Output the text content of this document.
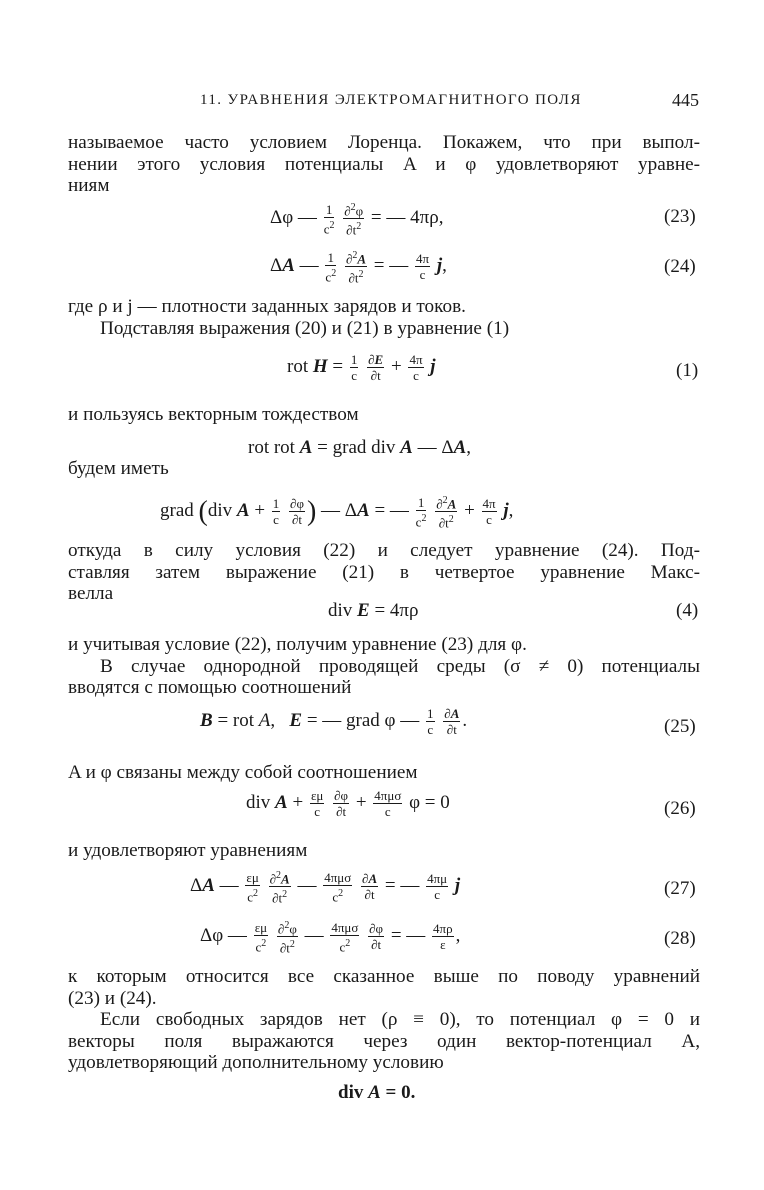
11. УРАВНЕНИЯ ЭЛЕКТРОМАГНИТНОГО ПОЛЯ	445
называемое часто условием Лоренца. Покажем, что при выпол-
нении этого условия потенциалы A и φ удовлетворяют уравне-
ниям
Δφ — $\frac{1}{c^2}$
$\frac{\partial^2\varphi}{\partial t^2}$ = — 4πρ,	(23)
ΔA — $\frac{1}{c^2}$
$\frac{\partial^2A}{\partial t^2}$ = — $\frac{4\pi}{c} j$,	(24)
где ρ и j — плотности заданных зарядов и токов.
Подставляя выражения (20) и (21) в уравнение (1)
rot $H = \frac{1}{c}$
$\frac{\partial E}{\partial t} + \frac{4\pi}{c}$ j	(1)
и пользуясь векторным тождеством
rot rot A = grad div A — ΔA,
будем иметь
grad (div $A + \frac{1}{c}$
$\frac{\partial\varphi}{\partial t}$ ) — ΔA = — $\frac{1}{c^2}$
$\frac{\partial^2A}{\partial t^2} + \frac{4\pi}{c} j$,
откуда в силу условия (22) и следует уравнение (24). Под-
ставляя затем выражение (21) в четвертое уравнение Макс-
велла
div E = 4πρ	(4)
и учитывая условие (22), получим уравнение (23) для φ.
В случае однородной проводящей среды (σ ≠ 0) потенциалы
вводятся с помощью соотношений
B = rot A,   E = — grad φ — $\frac{1}{c}$
$\frac{\partial A}{\partial t}$ .	(25)
A и φ связаны между собой соотношением
div $A + \frac{\varepsilon\mu}{c}$
$\frac{\partial\varphi}{\partial t} + \frac{\text{4πμσ}}{c}$ φ = 0	(26)
и удовлетворяют уравнениям
ΔA — $\frac{\varepsilon\mu}{c^2}$
$\frac{\partial^2A}{\partial t^2}$ — $\frac{\text{4πμσ}}{c^2}$
$\frac{\partial A}{\partial t}$ = — $\frac{4\pi\mu}{c}$ j	(27)
Δφ — $\frac{\varepsilon\mu}{c^2}$
$\frac{\partial^2\varphi}{\partial t^2}$ — $\frac{\text{4πμσ}}{c^2}$
$\frac{\partial\varphi}{\partial t}$ = — $\frac{4\pi\rho}{\varepsilon}$ ,	(28)
к которым относится все сказанное выше по поводу уравнений
(23) и (24).
Если свободных зарядов нет (ρ ≡ 0), то потенциал φ = 0 и
векторы поля выражаются через один вектор-потенциал A,
удовлетворяющий дополнительному условию
div A = 0.
